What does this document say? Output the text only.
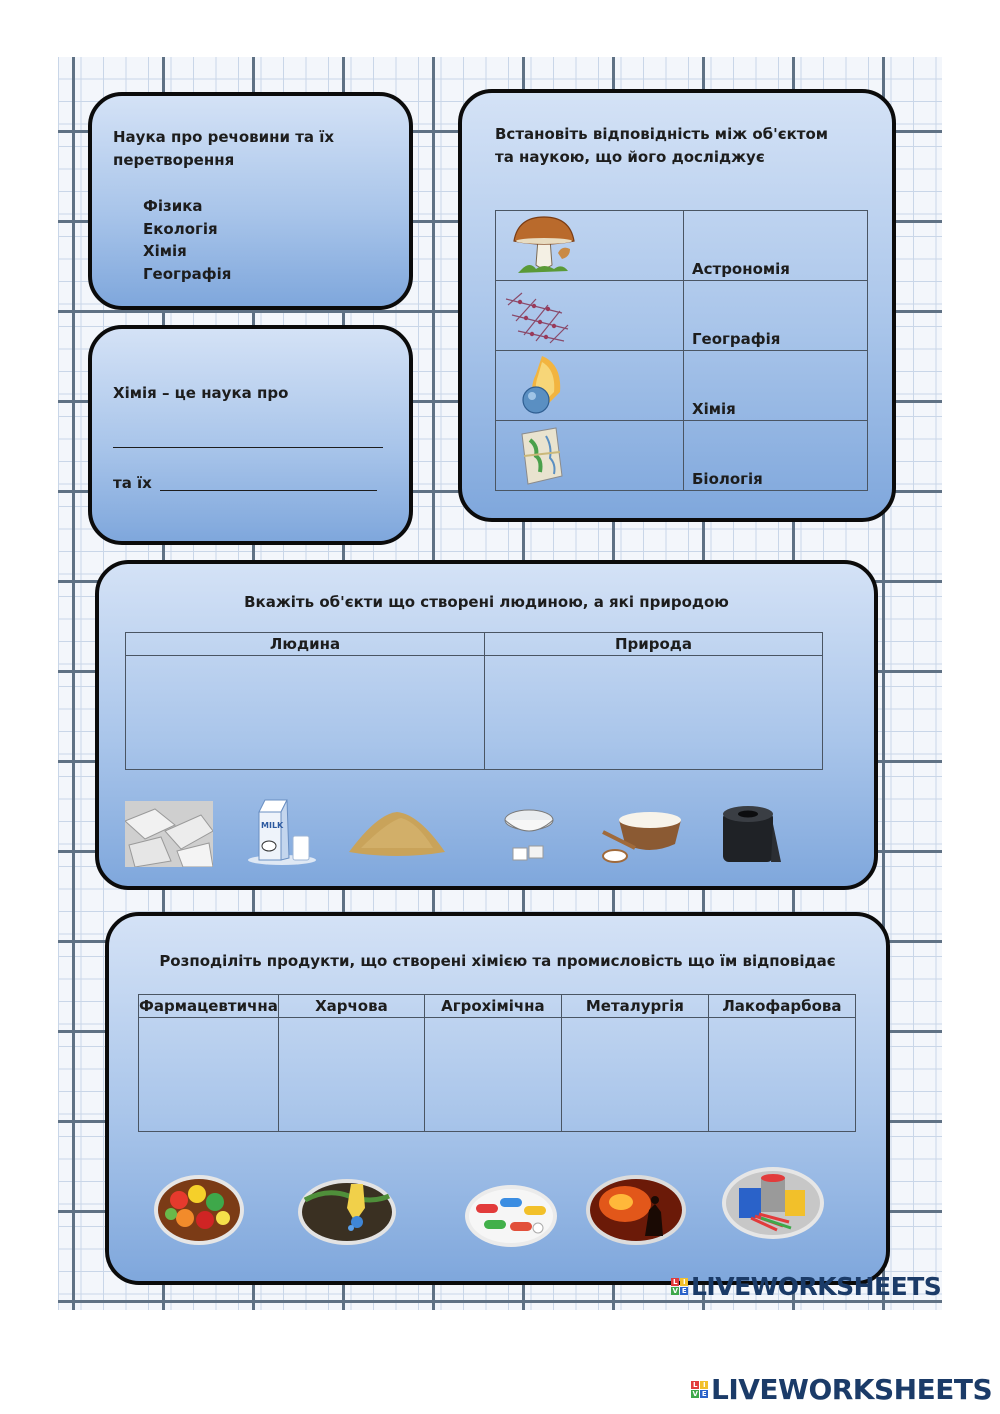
Наука про речовини та їх перетворення
Фізика
Екологія
Хімія
Географія
Хімія – це наука про
та їх
Встановіть відповідність між об'єктом та наукою, що його досліджує
	Астрономія

	Географія

	Хімія

	Біологія
Вкажіть об'єкти що створені людиною, а які природою
Людина	Природа

MILK
Розподіліть продукти, що створені хімією та промисловість що їм відповідає
Фармацевтична	Харчова	Агрохімічна	Металургія	Лакофарбова

L I
V E LIVEWORKSHEETS
L I
V E LIVEWORKSHEETS
